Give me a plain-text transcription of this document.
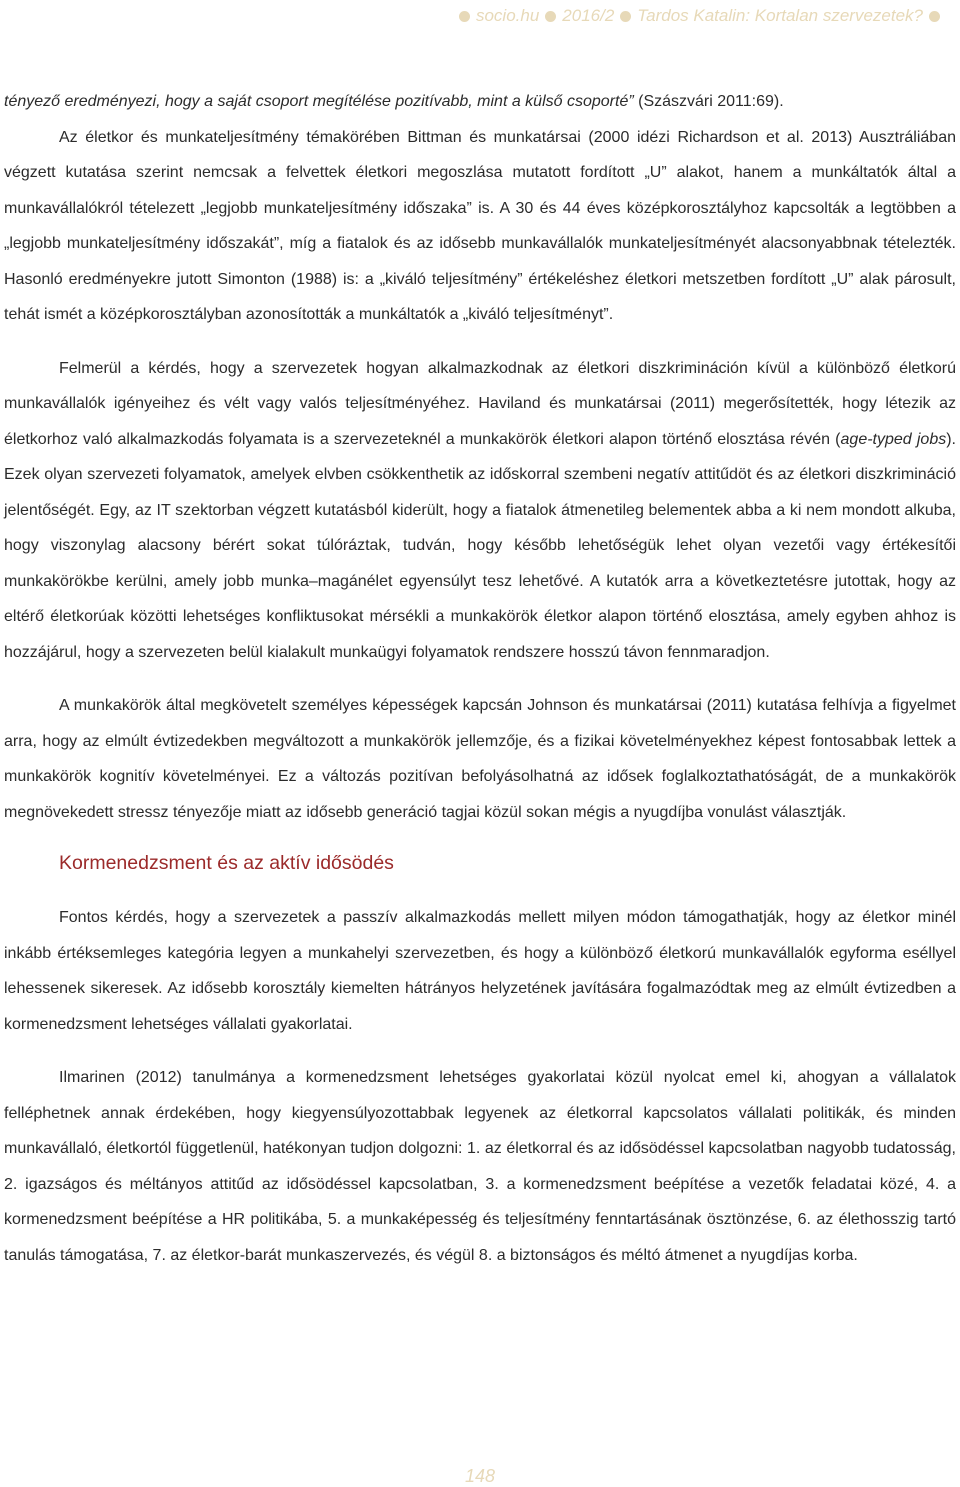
socio.hu 2016/2 Tardos Katalin: Kortalan szervezetek?

tényező eredményezi, hogy a saját csoport megítélése pozitívabb, mint a külső csoporté” (Szászvári 2011:69).

Az életkor és munkateljesítmény témakörében Bittman és munkatársai (2000 idézi Richardson et al. 2013) Ausztráliában végzett kutatása szerint nemcsak a felvettek életkori megoszlása mutatott fordított „U” alakot, hanem a munkáltatók által a munkavállalókról tételezett „legjobb munkateljesítmény időszaka” is. A 30 és 44 éves középkorosztályhoz kapcsolták a legtöbben a „legjobb munkateljesítmény időszakát”, míg a fiatalok és az idősebb munkavállalók munkateljesítményét alacsonyabbnak tételezték. Hasonló eredményekre jutott Simonton (1988) is: a „kiváló teljesítmény” értékeléshez életkori metszetben fordított „U” alak párosult, tehát ismét a középkorosztályban azonosították a munkáltatók a „kiváló teljesítményt”.

Felmerül a kérdés, hogy a szervezetek hogyan alkalmazkodnak az életkori diszkrimináción kívül a különböző életkorú munkavállalók igényeihez és vélt vagy valós teljesítményéhez. Haviland és munkatársai (2011) megerősítették, hogy létezik az életkorhoz való alkalmazkodás folyamata is a szervezeteknél a munkakörök életkori alapon történő elosztása révén (age-typed jobs). Ezek olyan szervezeti folyamatok, amelyek elvben csökkenthetik az időskorral szembeni negatív attitűdöt és az életkori diszkrimináció jelentőségét. Egy, az IT szektorban végzett kutatásból kiderült, hogy a fiatalok átmenetileg belementek abba a ki nem mondott alkuba, hogy viszonylag alacsony bérért sokat túlóráztak, tudván, hogy később lehetőségük lehet olyan vezetői vagy értékesítői munkakörökbe kerülni, amely jobb munka–magánélet egyensúlyt tesz lehetővé. A kutatók arra a következtetésre jutottak, hogy az eltérő életkorúak közötti lehetséges konfliktusokat mérsékli a munkakörök életkor alapon történő elosztása, amely egyben ahhoz is hozzájárul, hogy a szervezeten belül kialakult munkaügyi folyamatok rendszere hosszú távon fennmaradjon.

A munkakörök által megkövetelt személyes képességek kapcsán Johnson és munkatársai (2011) kutatása felhívja a figyelmet arra, hogy az elmúlt évtizedekben megváltozott a munkakörök jellemzője, és a fizikai követelményekhez képest fontosabbak lettek a munkakörök kognitív követelményei. Ez a változás pozitívan befolyásolhatná az idősek foglalkoztathatóságát, de a munkakörök megnövekedett stressz tényezője miatt az idősebb generáció tagjai közül sokan mégis a nyugdíjba vonulást választják.

Kormenedzsment és az aktív idősödés

Fontos kérdés, hogy a szervezetek a passzív alkalmazkodás mellett milyen módon támogathatják, hogy az életkor minél inkább értéksemleges kategória legyen a munkahelyi szervezetben, és hogy a különböző életkorú munkavállalók egyforma eséllyel lehessenek sikeresek. Az idősebb korosztály kiemelten hátrányos helyzetének javítására fogalmazódtak meg az elmúlt évtizedben a kormenedzsment lehetséges vállalati gyakorlatai.

Ilmarinen (2012) tanulmánya a kormenedzsment lehetséges gyakorlatai közül nyolcat emel ki, ahogyan a vállalatok felléphetnek annak érdekében, hogy kiegyensúlyozottabbak legyenek az életkorral kapcsolatos vállalati politikák, és minden munkavállaló, életkortól függetlenül, hatékonyan tudjon dolgozni: 1. az életkorral és az idősödéssel kapcsolatban nagyobb tudatosság, 2. igazságos és méltányos attitűd az idősödéssel kapcsolatban, 3. a kormenedzsment beépítése a vezetők feladatai közé, 4. a kormenedzsment beépítése a HR politikába, 5. a munkaképesség és teljesítmény fenntartásának ösztönzése, 6. az élethosszig tartó tanulás támogatása, 7. az életkor-barát munkaszervezés, és végül 8. a biztonságos és méltó átmenet a nyugdíjas korba.

148
